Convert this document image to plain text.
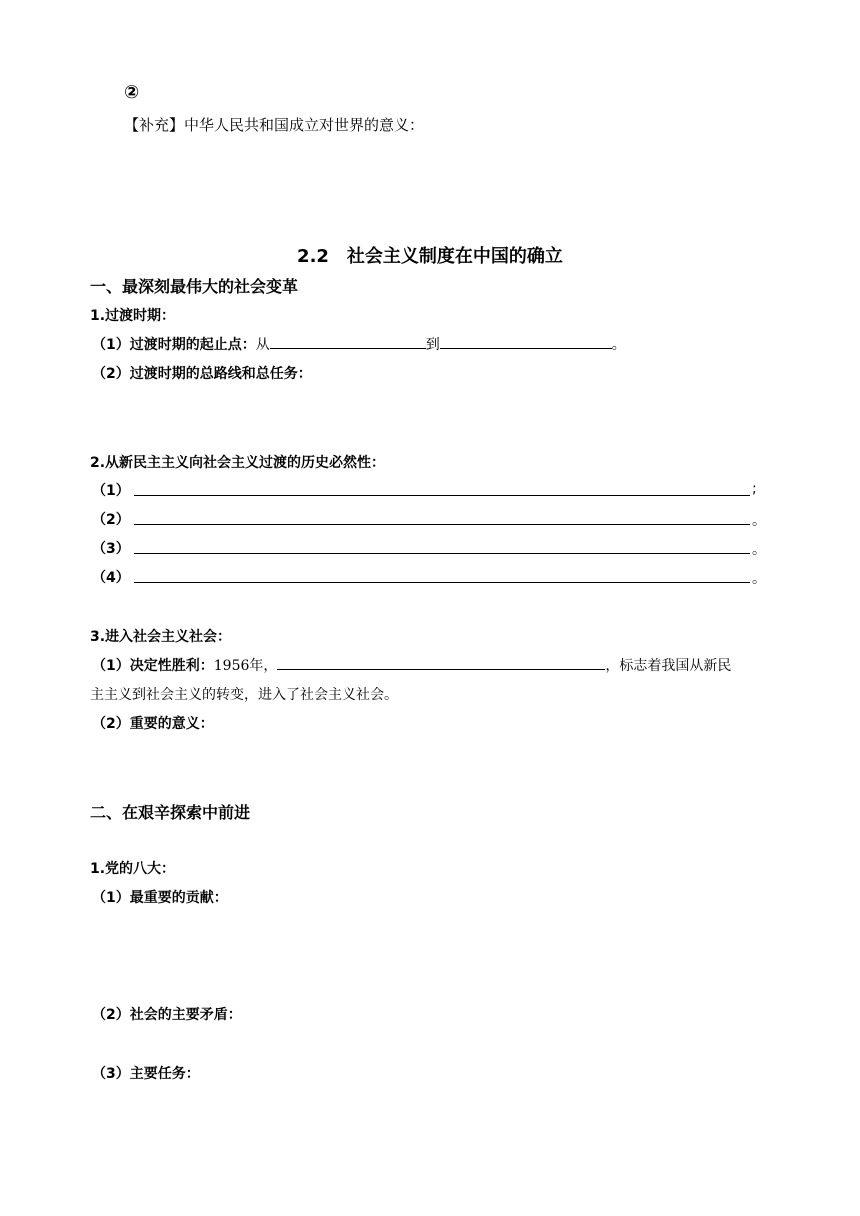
②
【补充】中华人民共和国成立对世界的意义：
2.2　社会主义制度在中国的确立
一、最深刻最伟大的社会变革
1.过渡时期：
（1）过渡时期的起止点：从	到	。
（2）过渡时期的总路线和总任务：
2.从新民主主义向社会主义过渡的历史必然性：
（1）	;
（2）	。
（3）	。
（4）	。
3.进入社会主义社会：
（1）决定性胜利：1956年，	，标志着我国从新民
主主义到社会主义的转变，进入了社会主义社会。
（2）重要的意义：
二、在艰辛探索中前进
1.党的八大：
（1）最重要的贡献：
（2）社会的主要矛盾：
（3）主要任务：
